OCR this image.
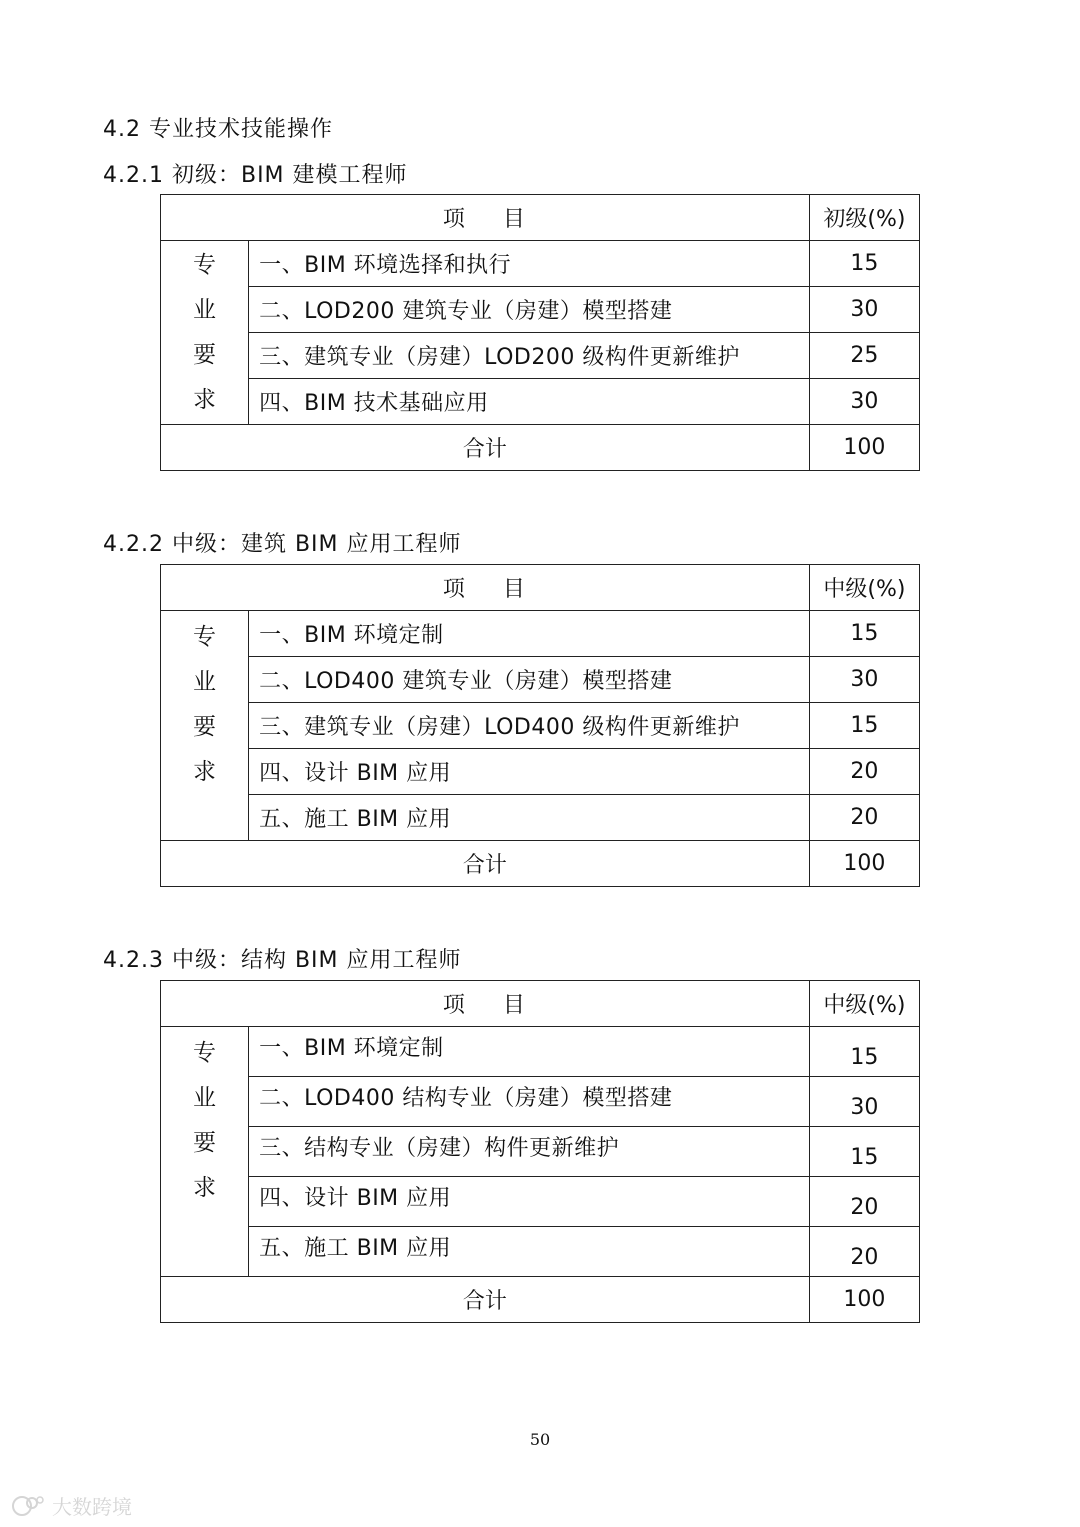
4.2 专业技术技能操作
4.2.1 初级：BIM 建模工程师
项 目		初级(%)

专
业
要
求	一、BIM 环境选择和执行	15
	二、LOD200 建筑专业（房建）模型搭建	30
	三、建筑专业（房建）LOD200 级构件更新维护	25
	四、BIM 技术基础应用	30
合计		100
4.2.2 中级：建筑 BIM 应用工程师
项 目		中级(%)

专
业
要
求	一、BIM 环境定制	15
	二、LOD400 建筑专业（房建）模型搭建	30
	三、建筑专业（房建）LOD400 级构件更新维护	15
	四、设计 BIM 应用	20
	五、施工 BIM 应用	20
合计		100
4.2.3 中级：结构 BIM 应用工程师
项 目		中级(%)

专
业
要
求	一、BIM 环境定制	15
	二、LOD400 结构专业（房建）模型搭建	30
	三、结构专业（房建）构件更新维护	15
	四、设计 BIM 应用	20
	五、施工 BIM 应用	20
合计		100
50
大数跨境
